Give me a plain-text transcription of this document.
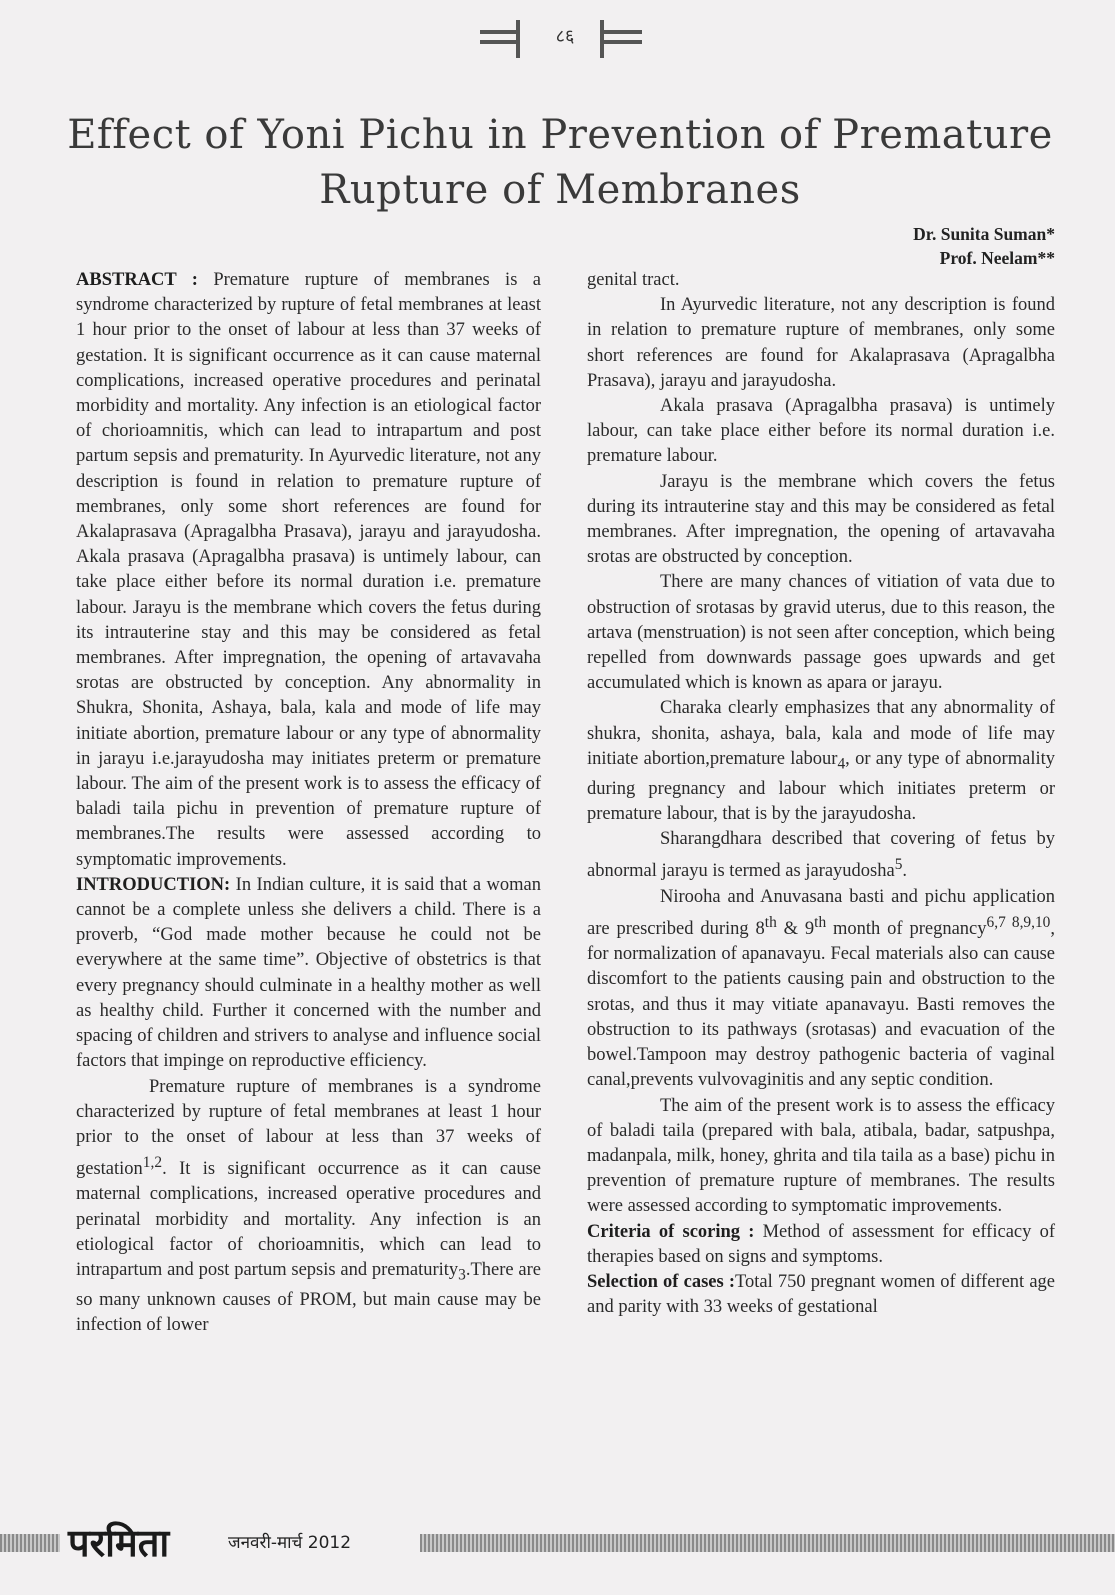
८६
Effect of Yoni Pichu in Prevention of Premature Rupture of Membranes
Dr. Sunita Suman*
Prof. Neelam**

ABSTRACT : Premature rupture of membranes is a syndrome characterized by rupture of fetal membranes at least 1 hour prior to the onset of labour at less than 37 weeks of gestation. It is significant occurrence as it can cause maternal complications, increased operative procedures and perinatal morbidity and mortality. Any infection is an etiological factor of chorioamnitis, which can lead to intrapartum and post partum sepsis and prematurity. In Ayurvedic literature, not any description is found in relation to premature rupture of membranes, only some short references are found for Akalaprasava (Apragalbha Prasava), jarayu and jarayudosha. Akala prasava (Apragalbha prasava) is untimely labour, can take place either before its normal duration i.e. premature labour. Jarayu is the membrane which covers the fetus during its intrauterine stay and this may be considered as fetal membranes. After impregnation, the opening of artavavaha srotas are obstructed by conception. Any abnormality in Shukra, Shonita, Ashaya, bala, kala and mode of life may initiate abortion, premature labour or any type of abnormality in jarayu i.e.jarayudosha may initiates preterm or premature labour. The aim of the present work is to assess the efficacy of baladi taila pichu in prevention of premature rupture of membranes.The results were assessed according to symptomatic improvements.

INTRODUCTION: In Indian culture, it is said that a woman cannot be a complete unless she delivers a child. There is a proverb, “God made mother because he could not be everywhere at the same time”. Objective of obstetrics is that every pregnancy should culminate in a healthy mother as well as healthy child. Further it concerned with the number and spacing of children and strivers to analyse and influence social factors that impinge on reproductive efficiency.

Premature rupture of membranes is a syndrome characterized by rupture of fetal membranes at least 1 hour prior to the onset of labour at less than 37 weeks of gestation$^{1,2}$. It is significant occurrence as it can cause maternal complications, increased operative procedures and perinatal morbidity and mortality. Any infection is an etiological factor of chorioamnitis, which can lead to intrapartum and post partum sepsis and prematurity$_3$.There are so many unknown causes of PROM, but main cause may be infection of lower

genital tract.

In Ayurvedic literature, not any description is found in relation to premature rupture of membranes, only some short references are found for Akalaprasava (Apragalbha Prasava), jarayu and jarayudosha.

Akala prasava (Apragalbha prasava) is untimely labour, can take place either before its normal duration i.e. premature labour.

Jarayu is the membrane which covers the fetus during its intrauterine stay and this may be considered as fetal membranes. After impregnation, the opening of artavavaha srotas are obstructed by conception.

There are many chances of vitiation of vata due to obstruction of srotasas by gravid uterus, due to this reason, the artava (menstruation) is not seen after conception, which being repelled from downwards passage goes upwards and get accumulated which is known as apara or jarayu.

Charaka clearly emphasizes that any abnormality of shukra, shonita, ashaya, bala, kala and mode of life may initiate abortion,premature labour$_4$, or any type of abnormality during pregnancy and labour which initiates preterm or premature labour, that is by the jarayudosha.

Sharangdhara described that covering of fetus by abnormal jarayu is termed as jarayudosha$^5$.

Nirooha and Anuvasana basti and pichu application are prescribed during 8th & 9th month of pregnancy$^{6,7 8,9,10}$, for normalization of apanavayu. Fecal materials also can cause discomfort to the patients causing pain and obstruction to the srotas, and thus it may vitiate apanavayu. Basti removes the obstruction to its pathways (srotasas) and evacuation of the bowel.Tampoon may destroy pathogenic bacteria of vaginal canal,prevents vulvovaginitis and any septic condition.

The aim of the present work is to assess the efficacy of baladi taila (prepared with bala, atibala, badar, satpushpa, madanpala, milk, honey, ghrita and tila taila as a base) pichu in prevention of premature rupture of membranes. The results were assessed according to symptomatic improvements.

Criteria of scoring : Method of assessment for efficacy of therapies based on signs and symptoms.

Selection of cases :Total 750 pregnant women of different age and parity with 33 weeks of gestational

परमिता	जनवरी-मार्च 2012
